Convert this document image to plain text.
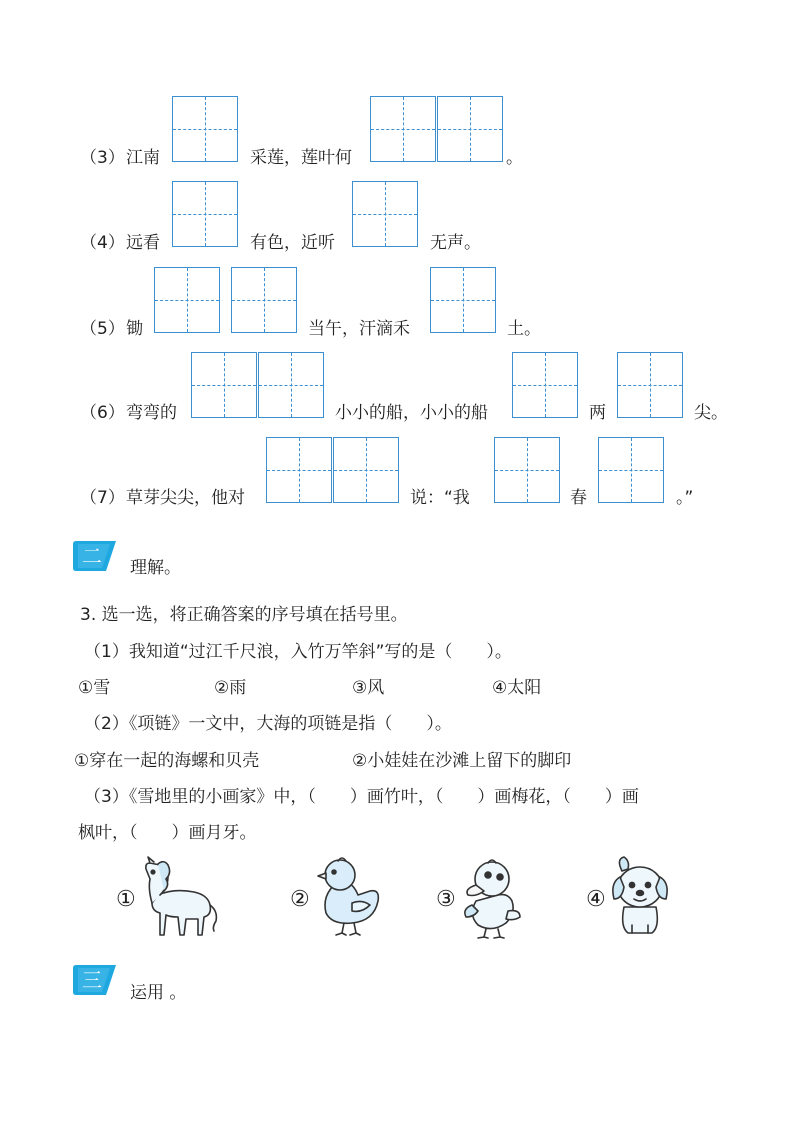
（3） 江南	采莲，莲叶何	。
（4） 远看	有色，近听	无声。
（5） 锄	当午，汗滴禾	土。
（6） 弯弯的	小小的船，小小的船	两	尖。
（7） 草芽尖尖，他对	说：“我	春	。”
二	理解。
3. 选一选，将正确答案的序号填在括号里。
（1）我知道“过江千尺浪，入竹万竿斜”写的是（　　）。
①雪	②雨	③风	④太阳
（2）《项链》一文中，大海的项链是指（　　）。
①穿在一起的海螺和贝壳	②小娃娃在沙滩上留下的脚印
（3）《雪地里的小画家》中，（　　）画竹叶，（　　）画梅花，（　　）画
枫叶，（　　）画月牙。
①	②	③	④
三
运用 。
